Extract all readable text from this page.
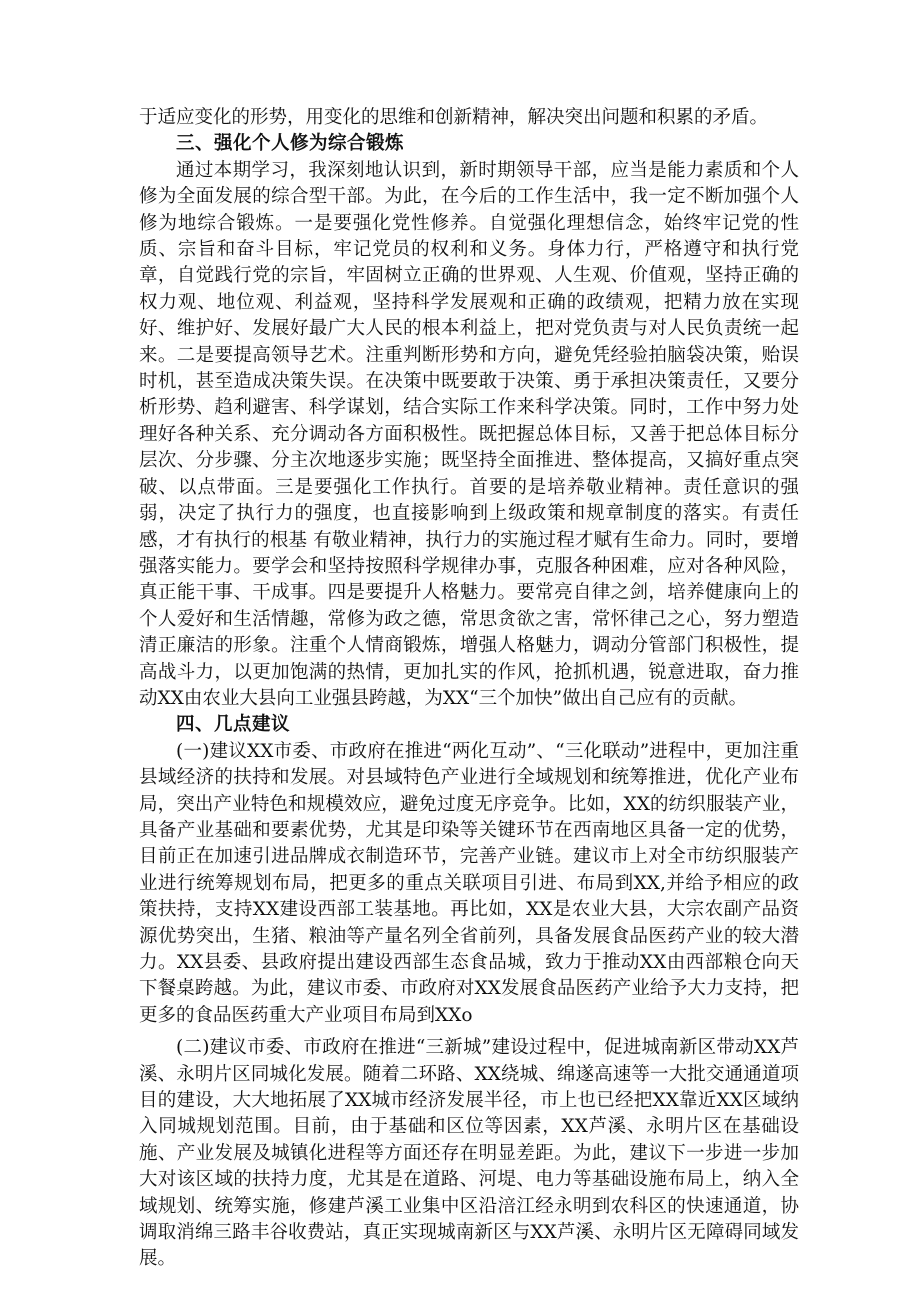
于适应变化的形势，用变化的思维和创新精神，解决突出问题和积累的矛盾。

三、强化个人修为综合锻炼

通过本期学习，我深刻地认识到，新时期领导干部，应当是能力素质和个人修为全面发展的综合型干部。为此，在今后的工作生活中，我一定不断加强个人修为地综合锻炼。一是要强化党性修养。自觉强化理想信念，始终牢记党的性质、宗旨和奋斗目标，牢记党员的权利和义务。身体力行，严格遵守和执行党章，自觉践行党的宗旨，牢固树立正确的世界观、人生观、价值观，坚持正确的权力观、地位观、利益观，坚持科学发展观和正确的政绩观，把精力放在实现好、维护好、发展好最广大人民的根本利益上，把对党负责与对人民负责统一起来。二是要提高领导艺术。注重判断形势和方向，避免凭经验拍脑袋决策，贻误时机，甚至造成决策失误。在决策中既要敢于决策、勇于承担决策责任，又要分析形势、趋利避害、科学谋划，结合实际工作来科学决策。同时，工作中努力处理好各种关系、充分调动各方面积极性。既把握总体目标，又善于把总体目标分层次、分步骤、分主次地逐步实施；既坚持全面推进、整体提高，又搞好重点突破、以点带面。三是要强化工作执行。首要的是培养敬业精神。责任意识的强弱，决定了执行力的强度，也直接影响到上级政策和规章制度的落实。有责任感，才有执行的根基 有敬业精神，执行力的实施过程才赋有生命力。同时，要增强落实能力。要学会和坚持按照科学规律办事，克服各种困难，应对各种风险，真正能干事、干成事。四是要提升人格魅力。要常亮自律之剑，培养健康向上的个人爱好和生活情趣，常修为政之德，常思贪欲之害，常怀律己之心，努力塑造清正廉洁的形象。注重个人情商锻炼，增强人格魅力，调动分管部门积极性，提高战斗力，以更加饱满的热情，更加扎实的作风，抢抓机遇，锐意进取，奋力推动XX由农业大县向工业强县跨越，为XX“三个加快”做出自己应有的贡献。

四、几点建议

(一)建议XX市委、市政府在推进“两化互动”、“三化联动”进程中，更加注重县域经济的扶持和发展。对县域特色产业进行全域规划和统筹推进，优化产业布局，突出产业特色和规模效应，避免过度无序竞争。比如，XX的纺织服装产业，具备产业基础和要素优势，尤其是印染等关键环节在西南地区具备一定的优势，目前正在加速引进品牌成衣制造环节，完善产业链。建议市上对全市纺织服装产业进行统筹规划布局，把更多的重点关联项目引进、布局到XX,并给予相应的政策扶持，支持XX建设西部工装基地。再比如，XX是农业大县，大宗农副产品资源优势突出，生猪、粮油等产量名列全省前列，具备发展食品医药产业的较大潜力。XX县委、县政府提出建设西部生态食品城，致力于推动XX由西部粮仓向天下餐桌跨越。为此，建议市委、市政府对XX发展食品医药产业给予大力支持，把更多的食品医药重大产业项目布局到XXo

(二)建议市委、市政府在推进“三新城”建设过程中，促进城南新区带动XX芦溪、永明片区同城化发展。随着二环路、XX绕城、绵遂高速等一大批交通通道项目的建设，大大地拓展了XX城市经济发展半径，市上也已经把XX靠近XX区域纳入同城规划范围。目前，由于基础和区位等因素，XX芦溪、永明片区在基础设施、产业发展及城镇化进程等方面还存在明显差距。为此，建议下一步进一步加大对该区域的扶持力度，尤其是在道路、河堤、电力等基础设施布局上，纳入全域规划、统筹实施，修建芦溪工业集中区沿涪江经永明到农科区的快速通道，协调取消绵三路丰谷收费站，真正实现城南新区与XX芦溪、永明片区无障碍同域发展。
